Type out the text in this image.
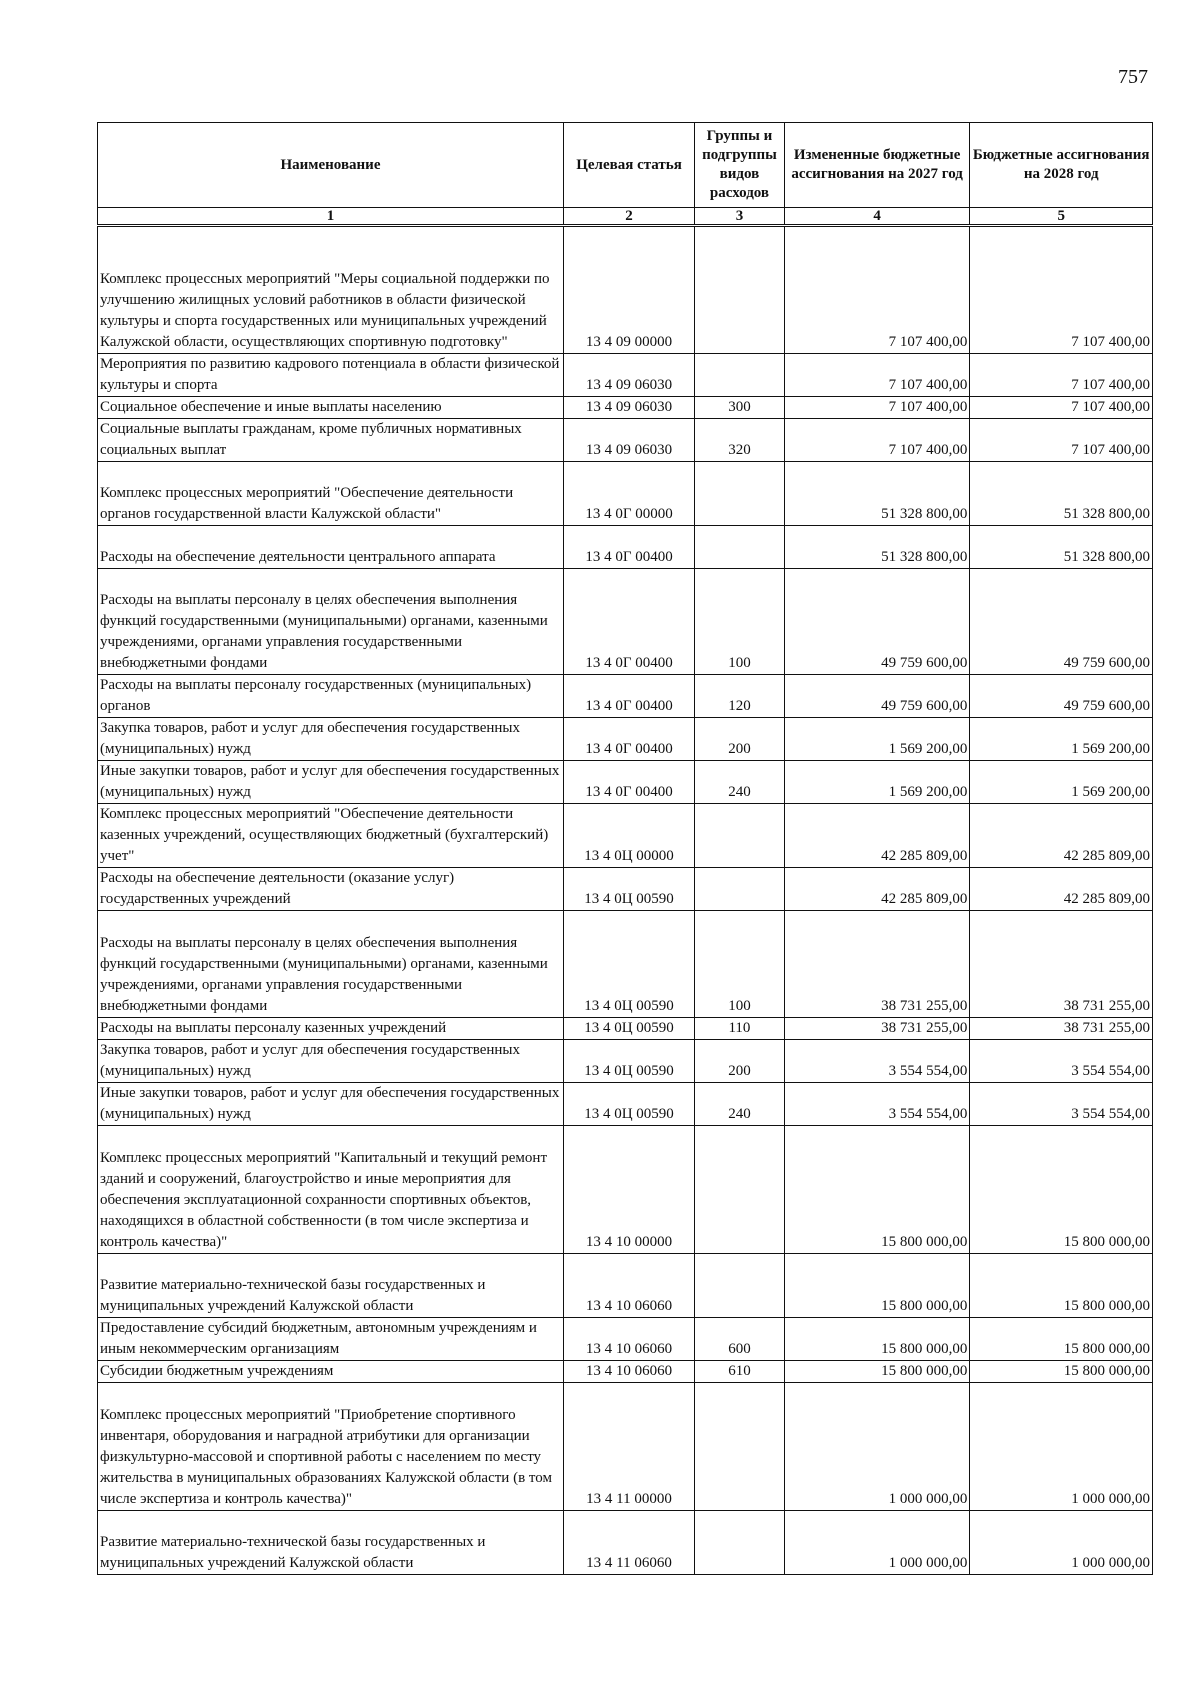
757
Наименование	Целевая статья	Группы и подгруппы видов расходов	Измененные бюджетные ассигнования на 2027 год	Бюджетные ассигнования на 2028 год
1	2	3	4	5
Комплекс процессных мероприятий "Меры социальной поддержки по улучшению жилищных условий работников в области физической культуры и спорта государственных или муниципальных учреждений Калужской области, осуществляющих спортивную подготовку"	13 4 09 00000		7 107 400,00	7 107 400,00
Мероприятия по развитию кадрового потенциала в области физической культуры и спорта	13 4 09 06030		7 107 400,00	7 107 400,00
Социальное обеспечение и иные выплаты населению	13 4 09 06030	300	7 107 400,00	7 107 400,00
Социальные выплаты гражданам, кроме публичных нормативных социальных выплат	13 4 09 06030	320	7 107 400,00	7 107 400,00
Комплекс процессных мероприятий "Обеспечение деятельности органов государственной власти Калужской области"	13 4 0Г 00000		51 328 800,00	51 328 800,00
Расходы на обеспечение деятельности центрального аппарата	13 4 0Г 00400		51 328 800,00	51 328 800,00
Расходы на выплаты персоналу в целях обеспечения выполнения функций государственными (муниципальными) органами, казенными учреждениями, органами управления государственными внебюджетными фондами	13 4 0Г 00400	100	49 759 600,00	49 759 600,00
Расходы на выплаты персоналу государственных (муниципальных) органов	13 4 0Г 00400	120	49 759 600,00	49 759 600,00
Закупка товаров, работ и услуг для обеспечения государственных (муниципальных) нужд	13 4 0Г 00400	200	1 569 200,00	1 569 200,00
Иные закупки товаров, работ и услуг для обеспечения государственных (муниципальных) нужд	13 4 0Г 00400	240	1 569 200,00	1 569 200,00
Комплекс процессных мероприятий "Обеспечение деятельности казенных учреждений, осуществляющих бюджетный (бухгалтерский) учет"	13 4 0Ц 00000		42 285 809,00	42 285 809,00
Расходы на обеспечение деятельности (оказание услуг) государственных учреждений	13 4 0Ц 00590		42 285 809,00	42 285 809,00
Расходы на выплаты персоналу в целях обеспечения выполнения функций государственными (муниципальными) органами, казенными учреждениями, органами управления государственными внебюджетными фондами	13 4 0Ц 00590	100	38 731 255,00	38 731 255,00
Расходы на выплаты персоналу казенных учреждений	13 4 0Ц 00590	110	38 731 255,00	38 731 255,00
Закупка товаров, работ и услуг для обеспечения государственных (муниципальных) нужд	13 4 0Ц 00590	200	3 554 554,00	3 554 554,00
Иные закупки товаров, работ и услуг для обеспечения государственных (муниципальных) нужд	13 4 0Ц 00590	240	3 554 554,00	3 554 554,00
Комплекс процессных мероприятий "Капитальный и текущий ремонт зданий и сооружений, благоустройство и иные мероприятия для обеспечения эксплуатационной сохранности спортивных объектов, находящихся в областной собственности (в том числе экспертиза и контроль качества)"	13 4 10 00000		15 800 000,00	15 800 000,00
Развитие материально-технической базы государственных и муниципальных учреждений Калужской области	13 4 10 06060		15 800 000,00	15 800 000,00
Предоставление субсидий бюджетным, автономным учреждениям и иным некоммерческим организациям	13 4 10 06060	600	15 800 000,00	15 800 000,00
Субсидии бюджетным учреждениям	13 4 10 06060	610	15 800 000,00	15 800 000,00
Комплекс процессных мероприятий "Приобретение спортивного инвентаря, оборудования и наградной атрибутики для организации физкультурно-массовой и спортивной работы с населением по месту жительства в муниципальных образованиях Калужской области (в том числе экспертиза и контроль качества)"	13 4 11 00000		1 000 000,00	1 000 000,00
Развитие материально-технической базы государственных и муниципальных учреждений Калужской области	13 4 11 06060		1 000 000,00	1 000 000,00
